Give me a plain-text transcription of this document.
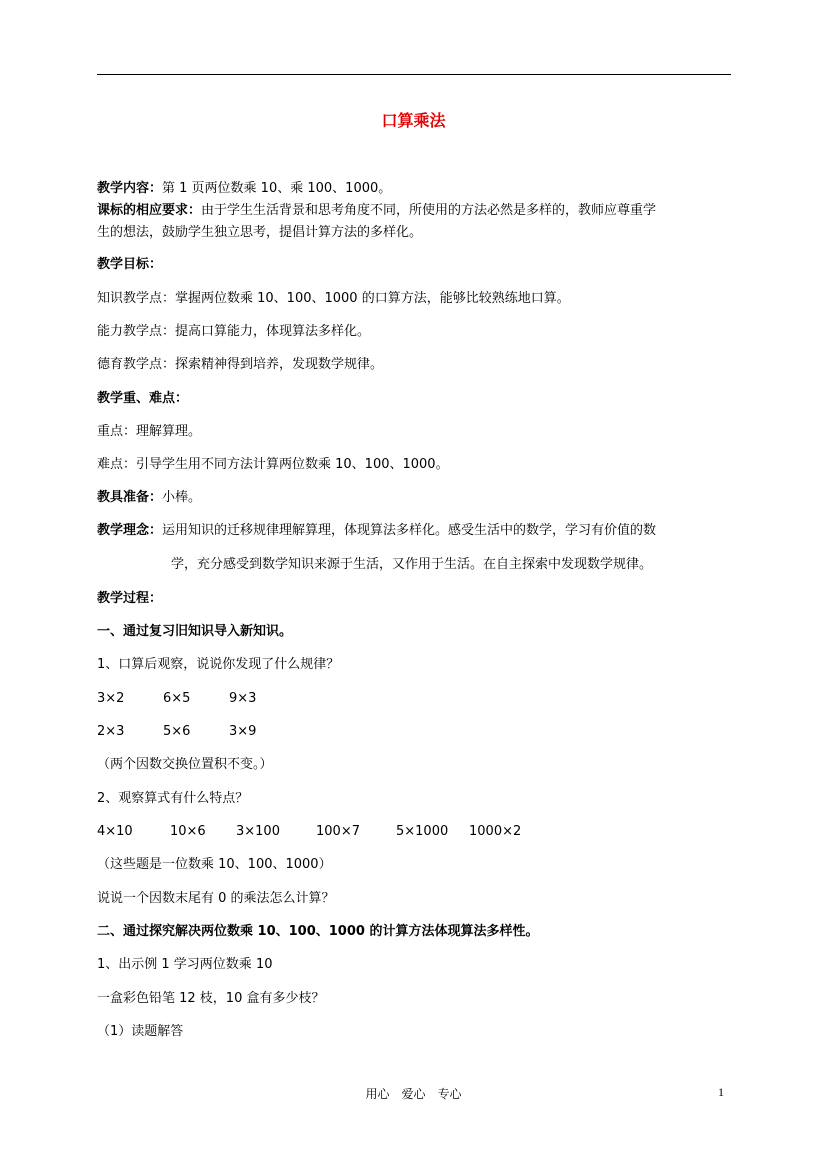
口算乘法
教学内容：第 1 页两位数乘 10、乘 100、1000。
课标的相应要求：由于学生生活背景和思考角度不同，所使用的方法必然是多样的，教师应尊重学
生的想法，鼓励学生独立思考，提倡计算方法的多样化。
教学目标：
知识教学点：掌握两位数乘 10、100、1000 的口算方法，能够比较熟练地口算。
能力教学点：提高口算能力，体现算法多样化。
德育教学点：探索精神得到培养，发现数学规律。
教学重、难点：
重点：理解算理。
难点：引导学生用不同方法计算两位数乘 10、100、1000。
教具准备：小棒。
教学理念：运用知识的迁移规律理解算理，体现算法多样化。感受生活中的数学，学习有价值的数
学，充分感受到数学知识来源于生活，又作用于生活。在自主探索中发现数学规律。
教学过程：
一、通过复习旧知识导入新知识。
1、口算后观察，说说你发现了什么规律？
3×2	6×5	9×3
2×3	5×6	3×9
（两个因数交换位置积不变。）
2、观察算式有什么特点？
4×10	10×6 3×100	100×7	5×1000 1000×2
（这些题是一位数乘 10、100、1000）
说说一个因数末尾有 0 的乘法怎么计算？
二、通过探究解决两位数乘 10、100、1000 的计算方法体现算法多样性。
1、出示例 1 学习两位数乘 10
一盒彩色铅笔 12 枝，10 盒有多少枝？
（1）读题解答
用心　爱心　专心	1
